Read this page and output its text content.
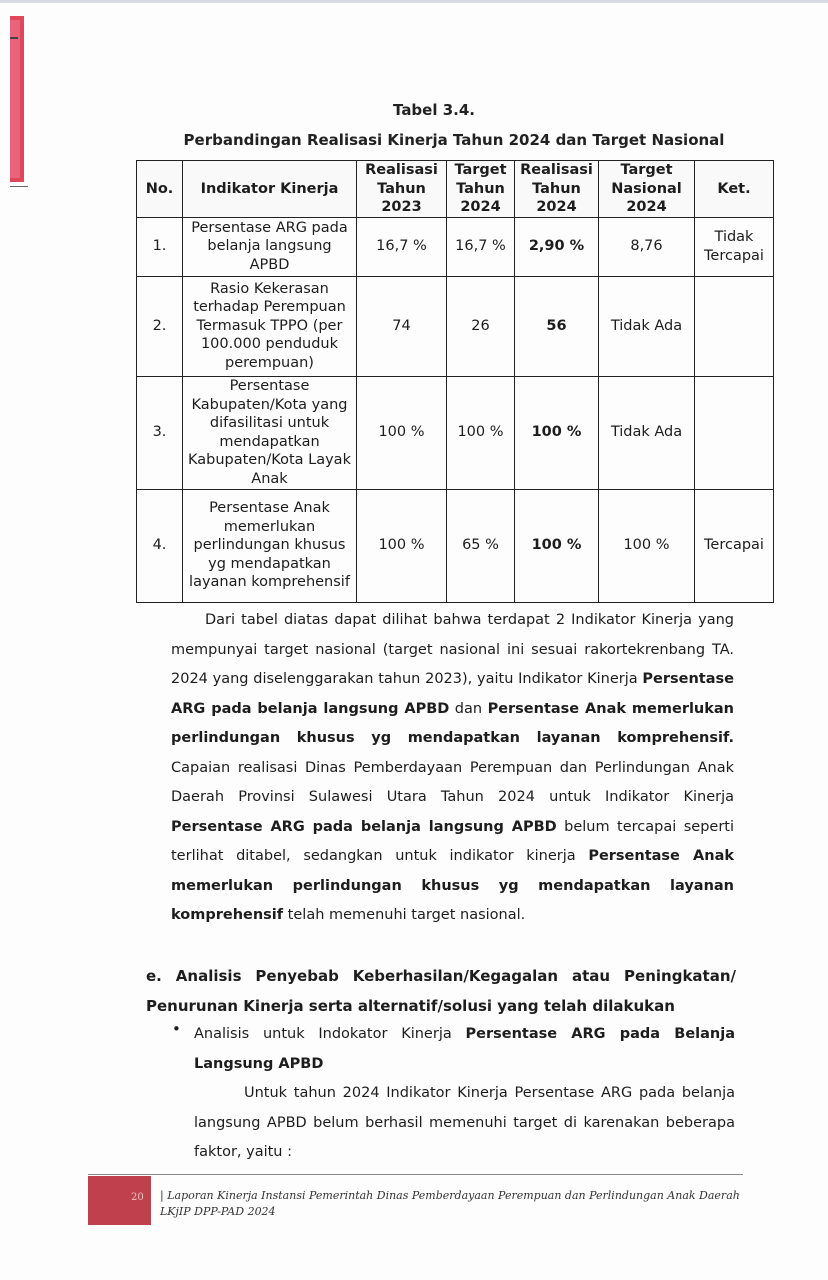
Tabel 3.4.
Perbandingan Realisasi Kinerja Tahun 2024 dan Target Nasional
No.	Indikator Kinerja	Realisasi Tahun 2023	Target Tahun 2024	Realisasi Tahun 2024	Target Nasional 2024	Ket.
1.	Persentase ARG pada belanja langsung APBD	16,7 %	16,7 %	2,90 %	8,76	Tidak Tercapai
2.	Rasio Kekerasan terhadap Perempuan Termasuk TPPO (per 100.000 penduduk perempuan)	74	26	56	Tidak Ada	
3.	Persentase Kabupaten/Kota yang difasilitasi untuk mendapatkan Kabupaten/Kota Layak Anak	100 %	100 %	100 %	Tidak Ada	
4.	Persentase Anak memerlukan perlindungan khusus yg mendapatkan layanan komprehensif	100 %	65 %	100 %	100 %	Tercapai
Dari tabel diatas dapat dilihat bahwa terdapat 2 Indikator Kinerja yang mempunyai target nasional (target nasional ini sesuai rakortekrenbang TA. 2024 yang diselenggarakan tahun 2023), yaitu Indikator Kinerja Persentase ARG pada belanja langsung APBD dan Persentase Anak memerlukan perlindungan khusus yg mendapatkan layanan komprehensif. Capaian realisasi Dinas Pemberdayaan Perempuan dan Perlindungan Anak Daerah Provinsi Sulawesi Utara Tahun 2024 untuk Indikator Kinerja Persentase ARG pada belanja langsung APBD belum tercapai seperti terlihat ditabel, sedangkan untuk indikator kinerja Persentase Anak memerlukan perlindungan khusus yg mendapatkan layanan komprehensif telah memenuhi target nasional.
e. Analisis Penyebab Keberhasilan/Kegagalan atau Peningkatan/ Penurunan Kinerja serta alternatif/solusi yang telah dilakukan
• Analisis untuk Indokator Kinerja Persentase ARG pada Belanja Langsung APBD
Untuk tahun 2024 Indikator Kinerja Persentase ARG pada belanja langsung APBD belum berhasil memenuhi target di karenakan beberapa faktor, yaitu :
20 | Laporan Kinerja Instansi Pemerintah Dinas Pemberdayaan Perempuan dan Perlindungan Anak Daerah
LKjIP DPP-PAD 2024
